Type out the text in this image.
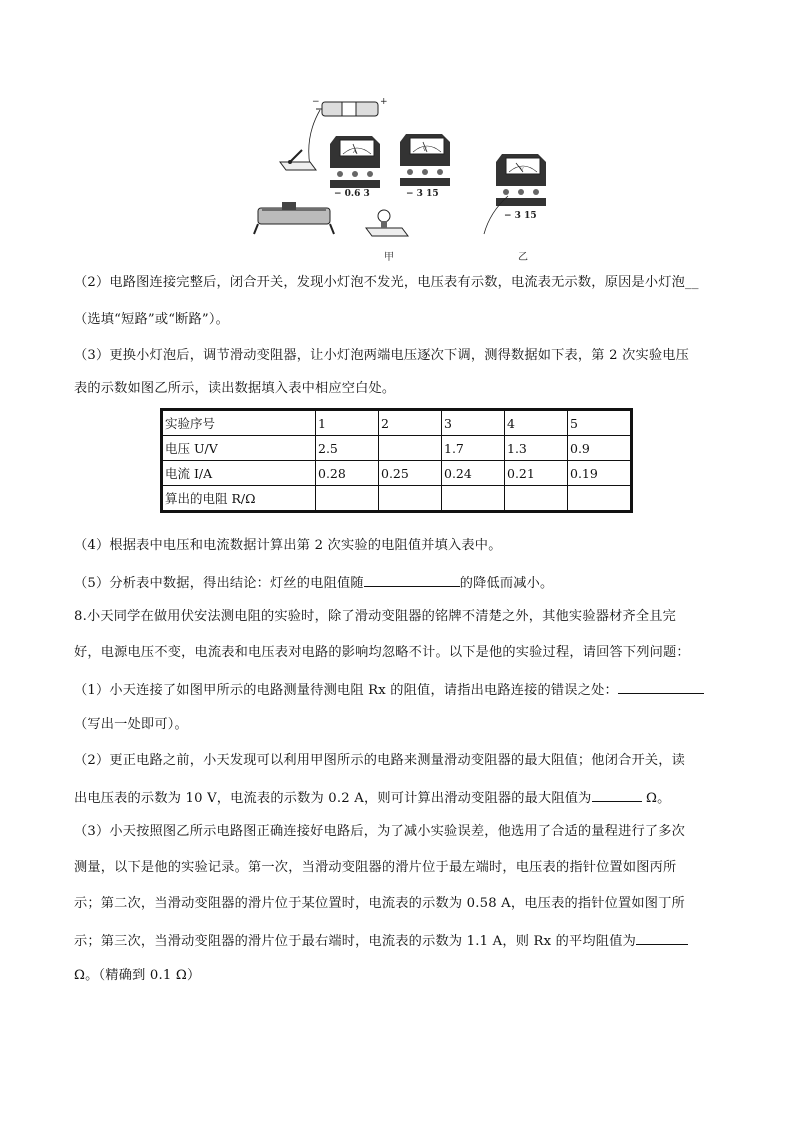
+
−
A
− 0.6 3
V
− 3 15
V
− 3 15
甲	乙
（2）电路图连接完整后，闭合开关，发现小灯泡不发光，电压表有示数，电流表无示数，原因是小灯泡__
（选填“短路”或“断路”）。
（3）更换小灯泡后，调节滑动变阻器，让小灯泡两端电压逐次下调，测得数据如下表，第 2 次实验电压
表的示数如图乙所示，读出数据填入表中相应空白处。
实验序号	1	2	3	4	5
电压 U/V	2.5		1.7	1.3	0.9
电流 I/A	0.28	0.25	0.24	0.21	0.19
算出的电阻 R/Ω					
（4）根据表中电压和电流数据计算出第 2 次实验的电阻值并填入表中。
（5）分析表中数据，得出结论：灯丝的电阻值随	的降低而减小。
8.小天同学在做用伏安法测电阻的实验时，除了滑动变阻器的铭牌不清楚之外，其他实验器材齐全且完
好，电源电压不变，电流表和电压表对电路的影响均忽略不计。以下是他的实验过程，请回答下列问题：
（1）小天连接了如图甲所示的电路测量待测电阻 Rx 的阻值，请指出电路连接的错误之处：
（写出一处即可）。
（2）更正电路之前，小天发现可以利用甲图所示的电路来测量滑动变阻器的最大阻值；他闭合开关，读
出电压表的示数为 10 V，电流表的示数为 0.2 A，则可计算出滑动变阻器的最大阻值为	Ω。
（3）小天按照图乙所示电路图正确连接好电路后，为了减小实验误差，他选用了合适的量程进行了多次
测量，以下是他的实验记录。第一次，当滑动变阻器的滑片位于最左端时，电压表的指针位置如图丙所
示；第二次，当滑动变阻器的滑片位于某位置时，电流表的示数为 0.58 A，电压表的指针位置如图丁所
示；第三次，当滑动变阻器的滑片位于最右端时，电流表的示数为 1.1 A，则 Rx 的平均阻值为
Ω。（精确到 0.1 Ω）
